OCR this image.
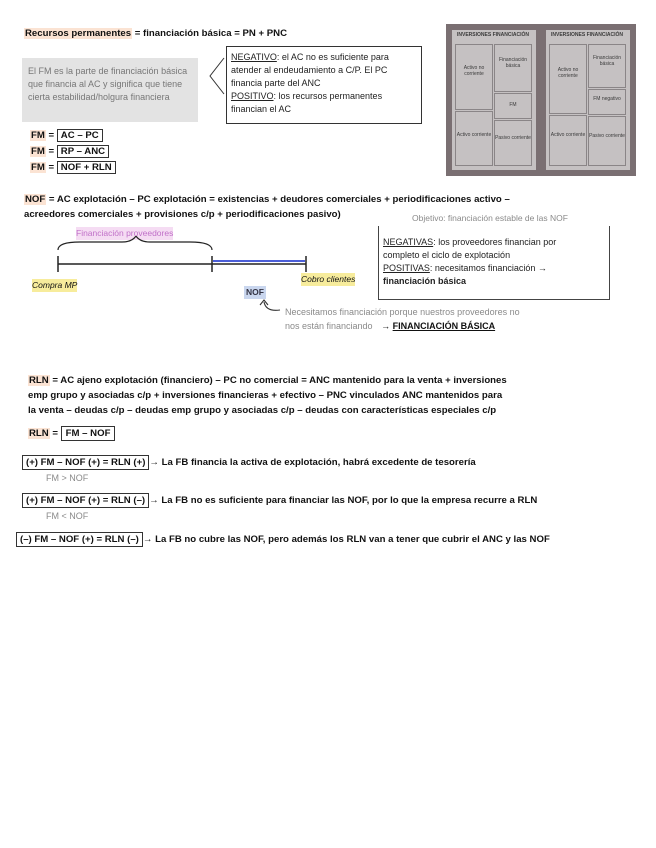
Recursos permanentes = financiación básica = PN + PNC
El FM es la parte de financiación básica que financia al AC y significa que tiene cierta estabilidad/holgura financiera
NEGATIVO: el AC no es suficiente para atender al endeudamiento a C/P. El PC financia parte del ANC
POSITIVO: los recursos permanentes financian el AC
FM = AC – PC
FM = RP – ANC
FM = NOF + RLN
INVERSIONES FINANCIACIÓN
Activo no corriente
Financiación básica
FM
Activo corriente Pasivo corriente
INVERSIONES FINANCIACIÓN
Activo no corriente
Financiación básica
FM negativo
Activo corriente Pasivo corriente
NOF = AC explotación – PC explotación = existencias + deudores comerciales + periodificaciones activo –
acreedores comerciales + provisiones c/p + periodificaciones pasivo)	Objetivo: financiación estable de las NOF
Financiación proveedores
Compra MP
Cobro clientes
NOF
Necesitamos financiación porque nuestros proveedores no
nos están financiando → FINANCIACIÓN BÁSICA
NEGATIVAS: los proveedores financian por
completo el ciclo de explotación
POSITIVAS: necesitamos financiación →
financiación básica
RLN = AC ajeno explotación (financiero) – PC no comercial = ANC mantenido para la venta + inversiones
emp grupo y asociadas c/p + inversiones financieras + efectivo – PNC vinculados ANC mantenidos para
la venta – deudas c/p – deudas emp grupo y asociadas c/p – deudas con características especiales c/p
RLN = FM – NOF
(+) FM – NOF (+) = RLN (+) → La FB financia la activa de explotación, habrá excedente de tesorería
FM > NOF
(+) FM – NOF (+) = RLN (–) → La FB no es suficiente para financiar las NOF, por lo que la empresa recurre a RLN
FM < NOF
(–) FM – NOF (+) = RLN (–) → La FB no cubre las NOF, pero además los RLN van a tener que cubrir el ANC y las NOF
